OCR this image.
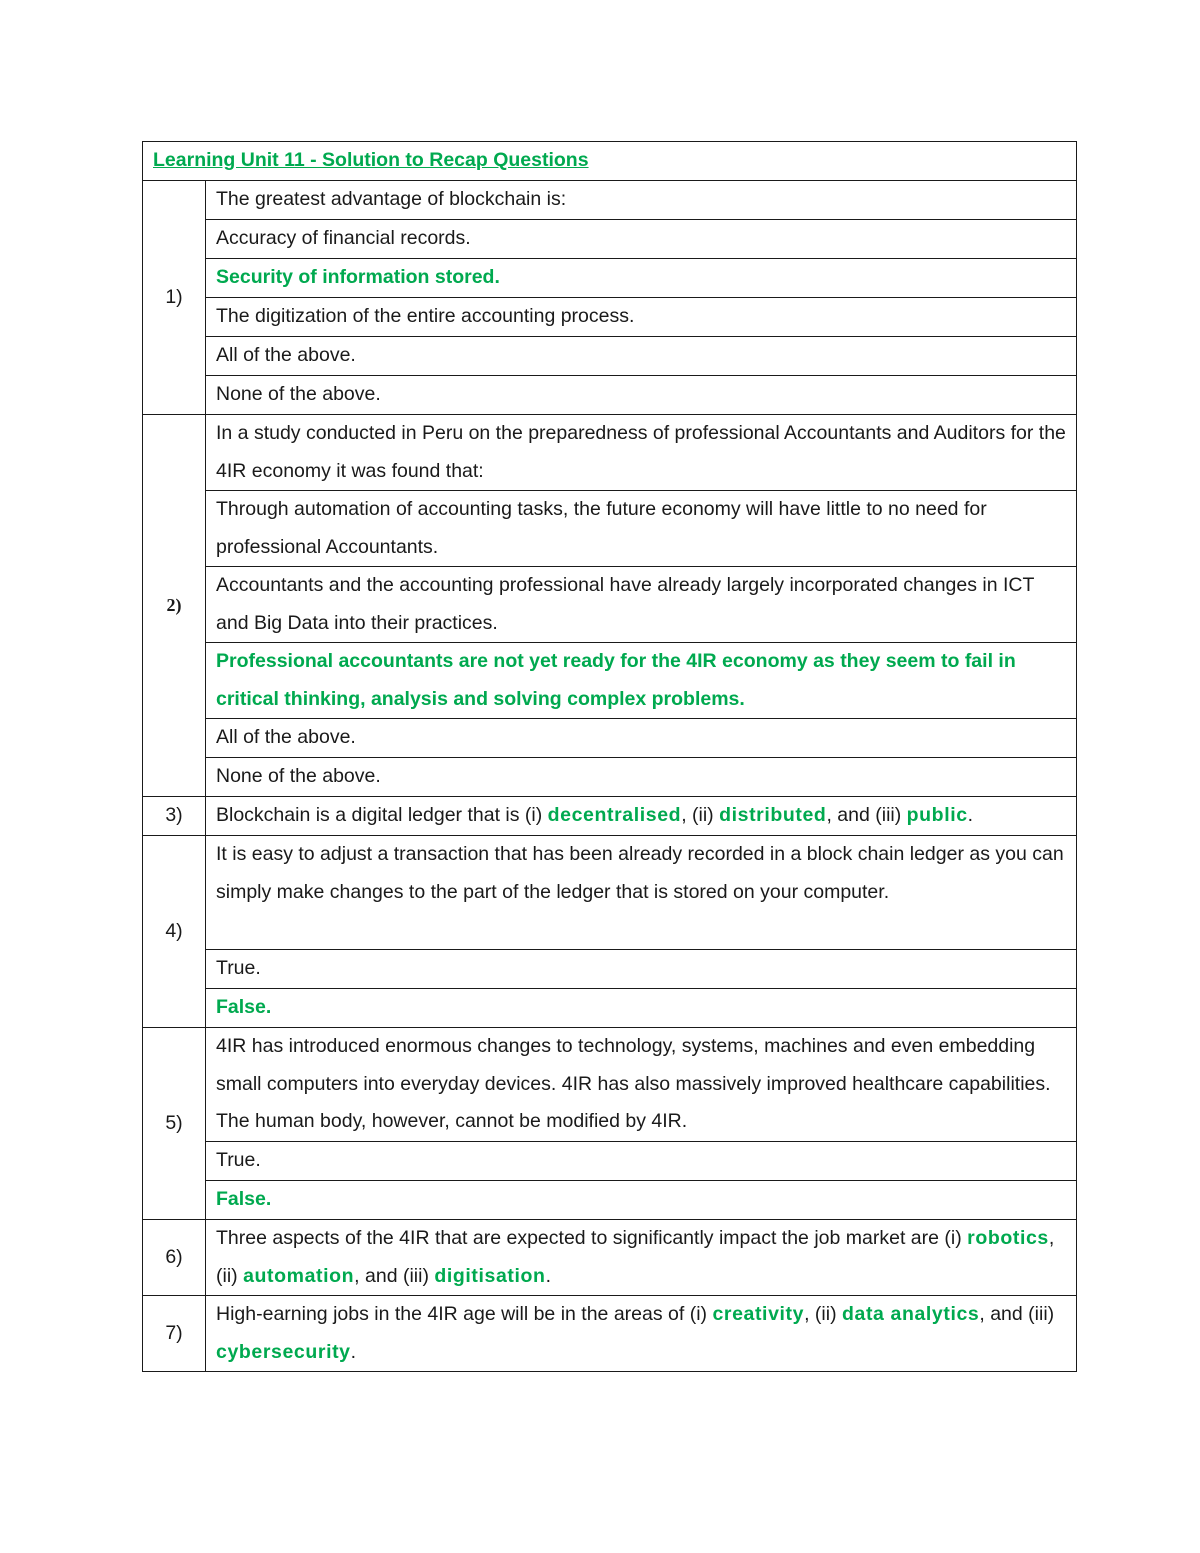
Learning Unit 11 - Solution to Recap Questions	
1)	The greatest advantage of blockchain is:
	Accuracy of financial records.
	Security of information stored.
	The digitization of the entire accounting process.
	All of the above.
	None of the above.
2)	In a study conducted in Peru on the preparedness of professional Accountants and Auditors for the 4IR economy it was found that:
	Through automation of accounting tasks, the future economy will have little to no need for professional Accountants.
	Accountants and the accounting professional have already largely incorporated changes in ICT and Big Data into their practices.
	Professional accountants are not yet ready for the 4IR economy as they seem to fail in critical thinking, analysis and solving complex problems.
	All of the above.
	None of the above.
3)	Blockchain is a digital ledger that is (i) decentralised, (ii) distributed, and (iii) public.
4)	It is easy to adjust a transaction that has been already recorded in a block chain ledger as you can simply make changes to the part of the ledger that is stored on your computer.
	True.
	False.
5)	4IR has introduced enormous changes to technology, systems, machines and even embedding small computers into everyday devices. 4IR has also massively improved healthcare capabilities. The human body, however, cannot be modified by 4IR.
	True.
	False.
6)	Three aspects of the 4IR that are expected to significantly impact the job market are (i) robotics, (ii) automation, and (iii) digitisation.
7)	High-earning jobs in the 4IR age will be in the areas of (i) creativity, (ii) data analytics, and (iii) cybersecurity.
